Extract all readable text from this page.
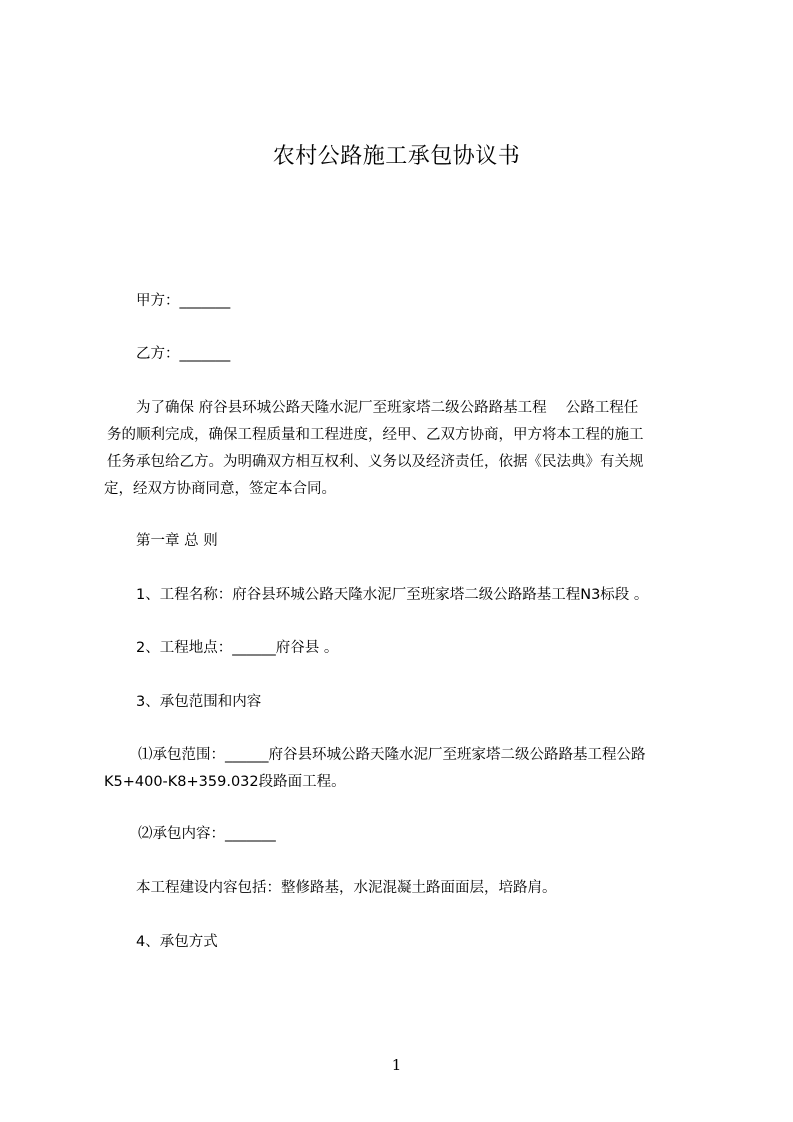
农村公路施工承包协议书
甲方：_______
乙方：_______
为了确保 府谷县环城公路天隆水泥厂至班家塔二级公路路基工程　 公路工程任
务的顺利完成，确保工程质量和工程进度，经甲、乙双方协商，甲方将本工程的施工
任务承包给乙方。为明确双方相互权利、义务以及经济责任，依据《民法典》有关规
定，经双方协商同意，签定本合同。
第一章 总 则
1、工程名称：府谷县环城公路天隆水泥厂至班家塔二级公路路基工程N3标段 。
2、工程地点：______府谷县 。
3、承包范围和内容
⑴承包范围：______府谷县环城公路天隆水泥厂至班家塔二级公路路基工程公路
K5+400-K8+359.032段路面工程。
⑵承包内容：_______
本工程建设内容包括：整修路基，水泥混凝土路面面层，培路肩。
4、承包方式
1
